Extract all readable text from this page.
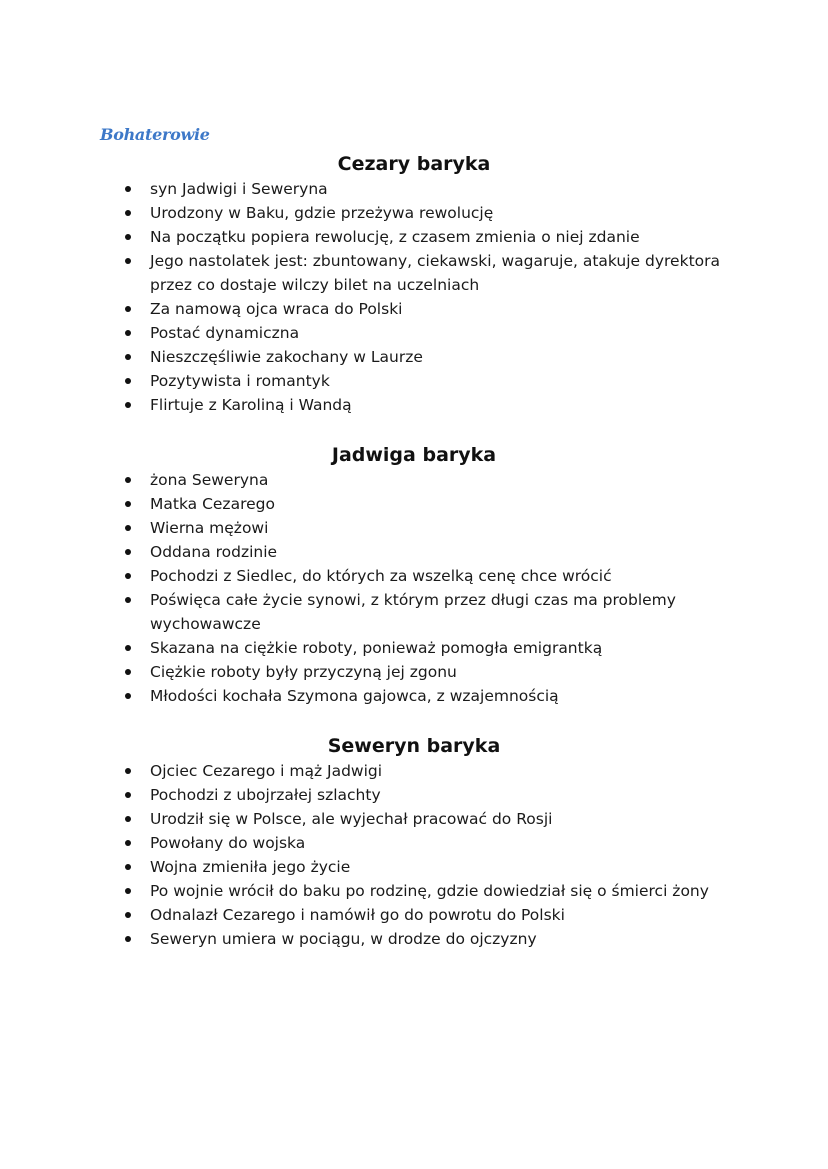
Bohaterowie
Cezary baryka
syn Jadwigi i Seweryna
Urodzony w Baku, gdzie przeżywa rewolucję
Na początku popiera rewolucję, z czasem zmienia o niej zdanie
Jego nastolatek jest: zbuntowany, ciekawski, wagaruje, atakuje dyrektora przez co dostaje wilczy bilet na uczelniach
Za namową ojca wraca do Polski
Postać dynamiczna
Nieszczęśliwie zakochany w Laurze
Pozytywista i romantyk
Flirtuje z Karoliną i Wandą
Jadwiga baryka
żona Seweryna
Matka Cezarego
Wierna mężowi
Oddana rodzinie
Pochodzi z Siedlec, do których za wszelką cenę chce wrócić
Poświęca całe życie synowi, z którym przez długi czas ma problemy wychowawcze
Skazana na ciężkie roboty, ponieważ pomogła emigrantką
Ciężkie roboty były przyczyną jej zgonu
Młodości kochała Szymona gajowca, z wzajemnością
Seweryn baryka
Ojciec Cezarego i mąż Jadwigi
Pochodzi z ubojrzałej szlachty
Urodził się w Polsce, ale wyjechał pracować do Rosji
Powołany do wojska
Wojna zmieniła jego życie
Po wojnie wrócił do baku po rodzinę, gdzie dowiedział się o śmierci żony
Odnalazł Cezarego i namówił go do powrotu do Polski
Seweryn umiera w pociągu, w drodze do ojczyzny
